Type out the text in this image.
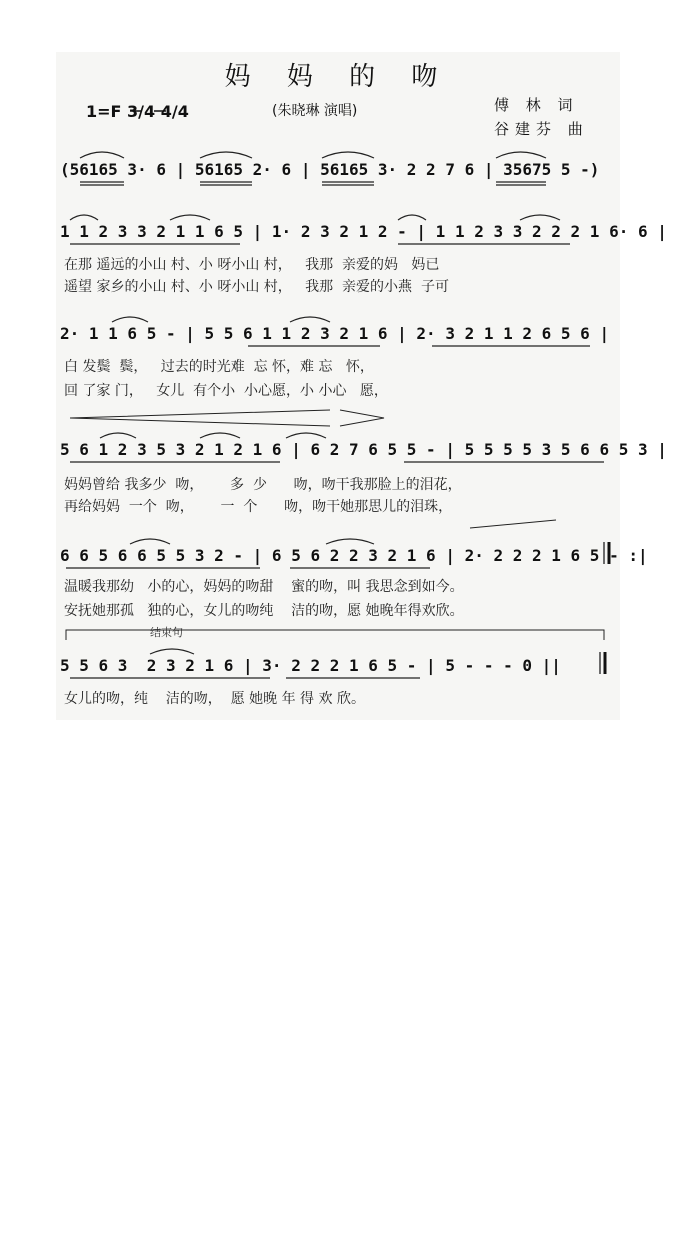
妈 妈 的 吻
1=F 3/4 4/4	(朱晓琳 演唱)	傅 林 词
谷建芬 曲
(56165 3· 6 | 56165 2· 6 | 56165 3· 2 2 7 6 | 35675 5 -)
1 1 2 3 3 2 1 1 6 5 | 1· 2 3 2 1 2 - | 1 1 2 3 3 2 2 2 1 6· 6 |
在那 遥远的小山 村、小 呀小山 村，   我那  亲爱的妈   妈已
遥望 家乡的小山 村、小 呀小山 村，   我那  亲爱的小燕  子可
2· 1 1 6 5 - | 5 5 6 1 1 2 3 2 1 6 | 2· 3 2 1 1 2 6 5 6 |
白 发鬓  鬓，   过去的时光难  忘 怀，难 忘   怀，
回 了家 门，   女儿  有个小  小心愿，小 小心   愿，
5 6 1 2 3 5 3 2 1 2 1 6 | 6 2 7 6 5 5 - | 5 5 5 5 3 5 6 6 5 3 |
妈妈曾给 我多少  吻，      多  少      吻，吻干我那脸上的泪花，
再给妈妈  一个  吻，      一  个      吻，吻干她那思儿的泪珠，
6 6 5 6 6 5 5 3 2 - | 6 5 6 2 2 3 2 1 6 | 2· 2 2 2 1 6 5 - :|
温暖我那幼   小的心，妈妈的吻甜    蜜的吻，叫 我思念到如今。
安抚她那孤   独的心，女儿的吻纯    洁的吻，愿 她晚年得欢欣。
结束句
5 5 6 3  2 3 2 1 6 | 3· 2 2 2 1 6 5 - | 5 - - - 0 ||
女儿的吻，纯    洁的吻，  愿 她晚 年 得 欢 欣。
